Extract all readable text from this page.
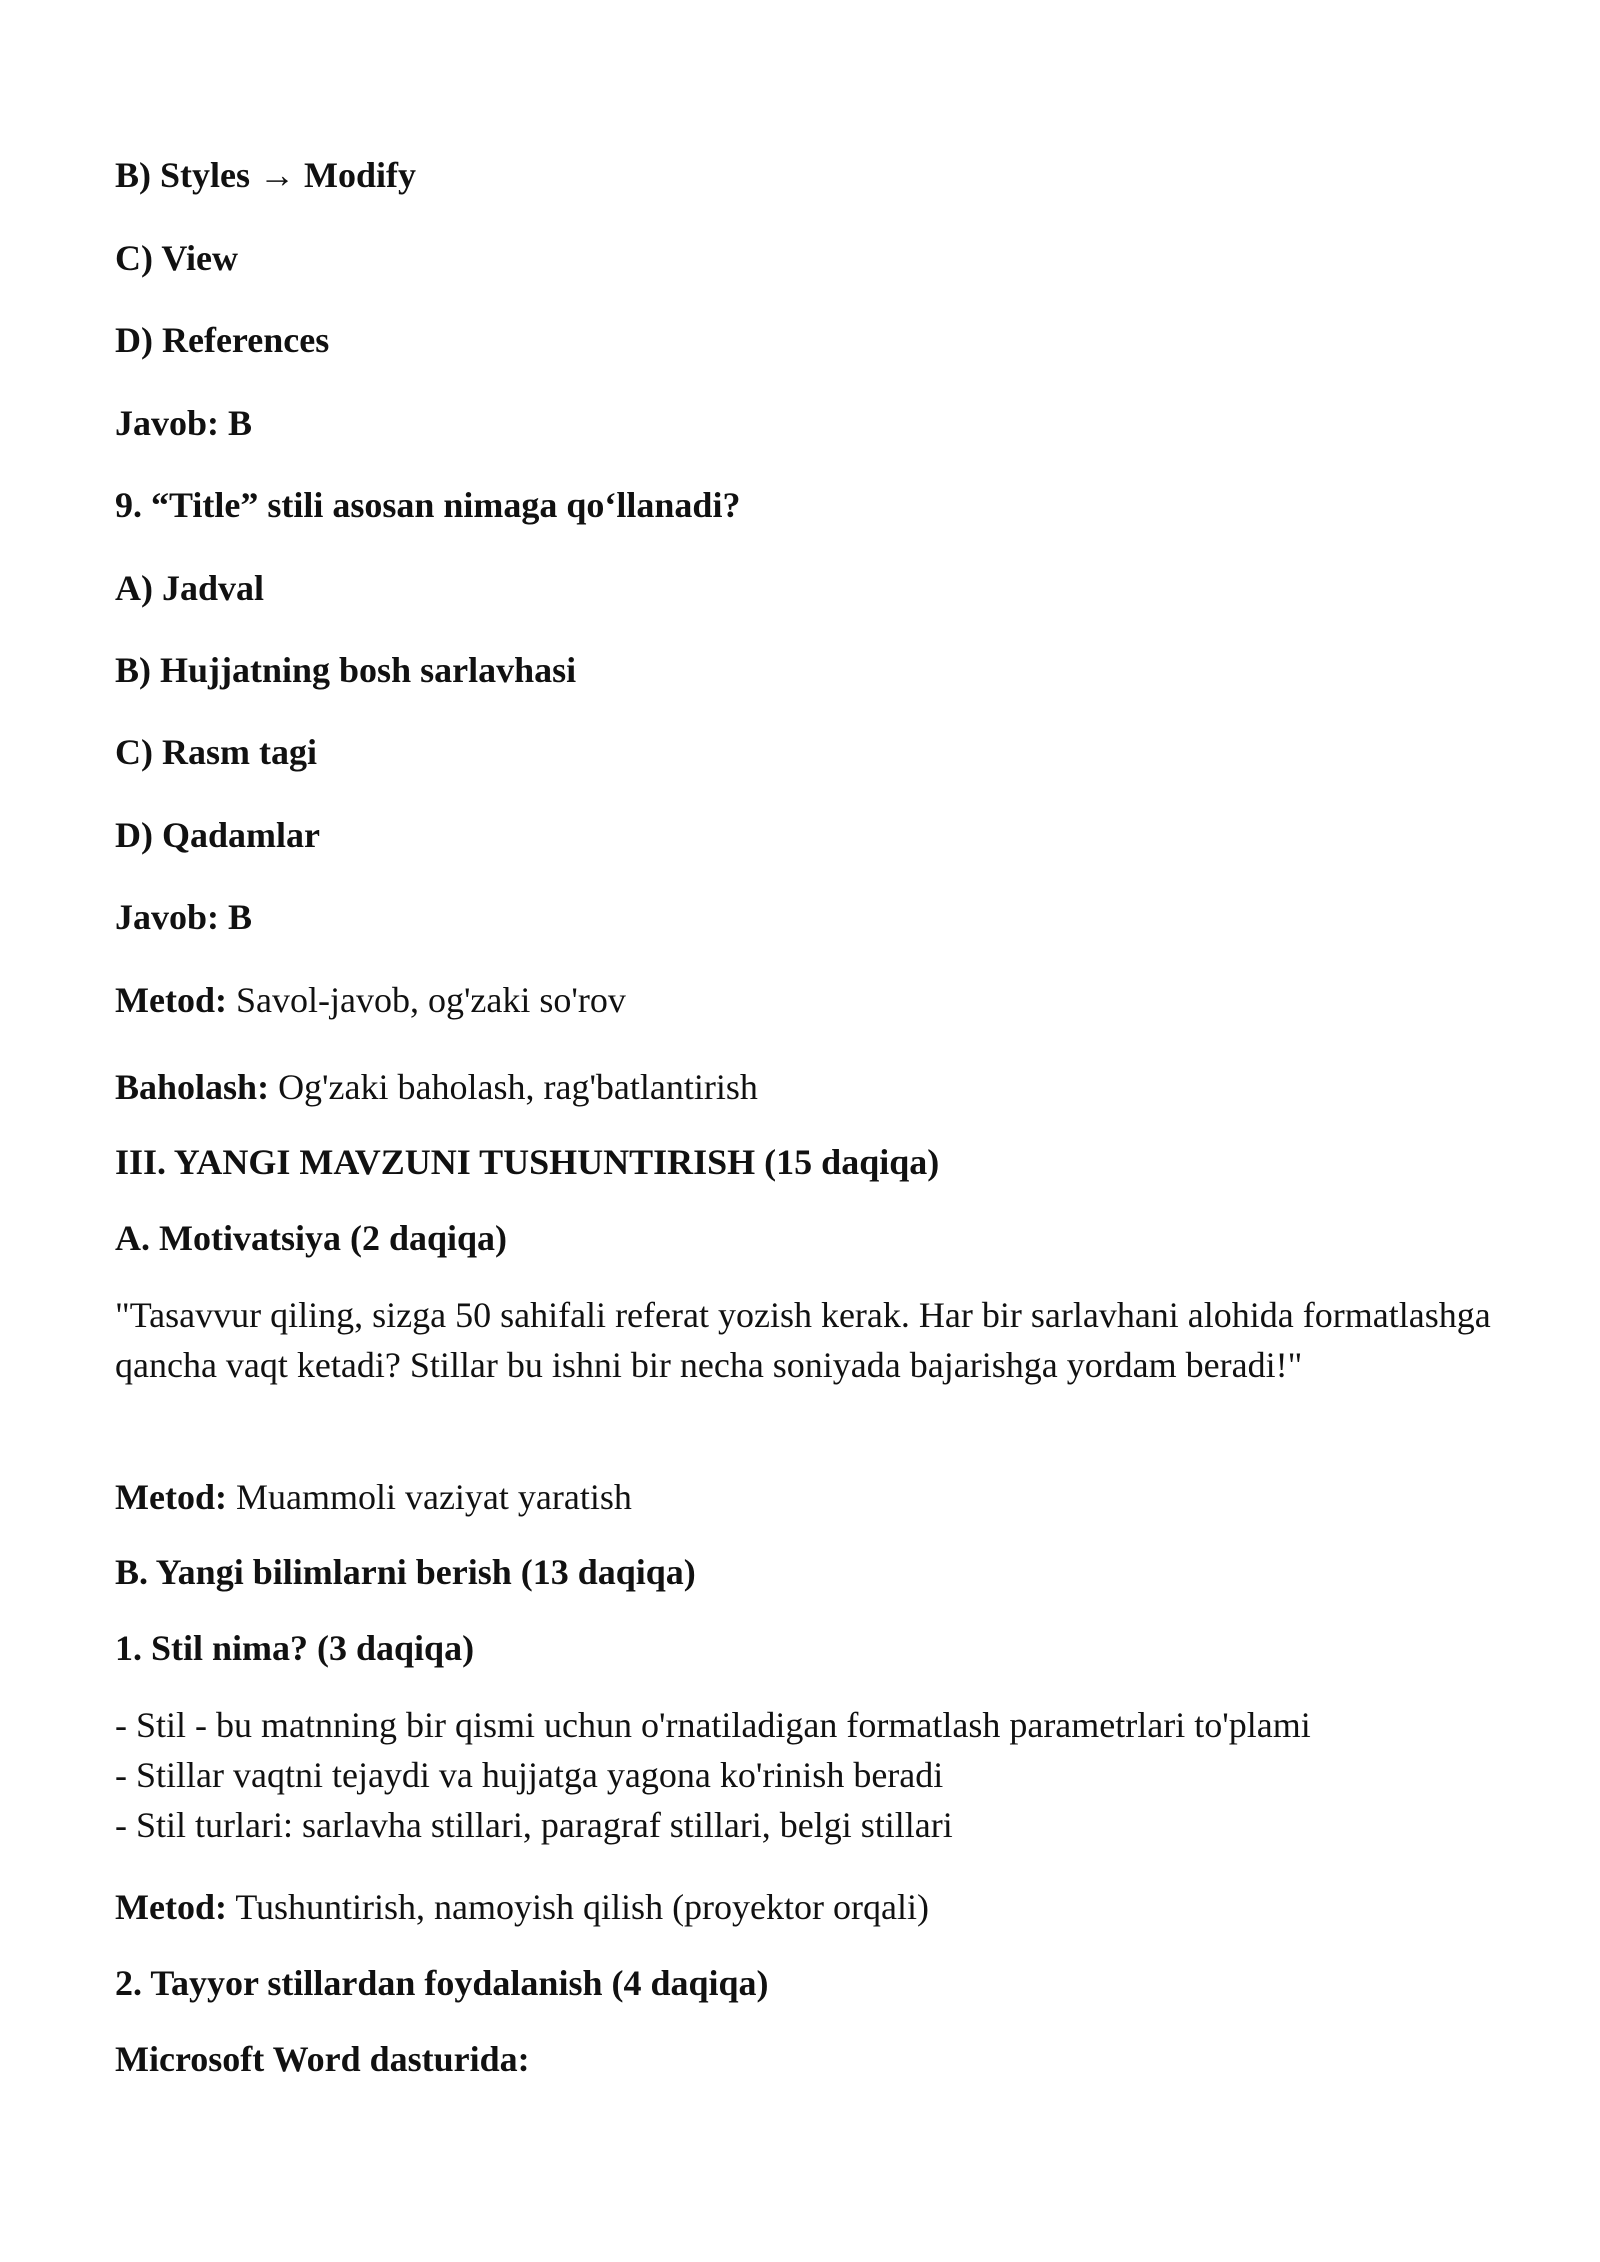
B) Styles → Modify

C) View

D) References

Javob: B

9. “Title” stili asosan nimaga qo‘llanadi?

A) Jadval

B) Hujjatning bosh sarlavhasi

C) Rasm tagi

D) Qadamlar

Javob: B

Metod: Savol-javob, og'zaki so'rov

Baholash: Og'zaki baholash, rag'batlantirish

III. YANGI MAVZUNI TUSHUNTIRISH (15 daqiqa)

A. Motivatsiya (2 daqiqa)

"Tasavvur qiling, sizga 50 sahifali referat yozish kerak. Har bir sarlavhani alohida formatlashga qancha vaqt ketadi? Stillar bu ishni bir necha soniyada bajarishga yordam beradi!"

Metod: Muammoli vaziyat yaratish

B. Yangi bilimlarni berish (13 daqiqa)

1. Stil nima? (3 daqiqa)

- Stil - bu matnning bir qismi uchun o'rnatiladigan formatlash parametrlari to'plami

- Stillar vaqtni tejaydi va hujjatga yagona ko'rinish beradi

- Stil turlari: sarlavha stillari, paragraf stillari, belgi stillari

Metod: Tushuntirish, namoyish qilish (proyektor orqali)

2. Tayyor stillardan foydalanish (4 daqiqa)

Microsoft Word dasturida:
